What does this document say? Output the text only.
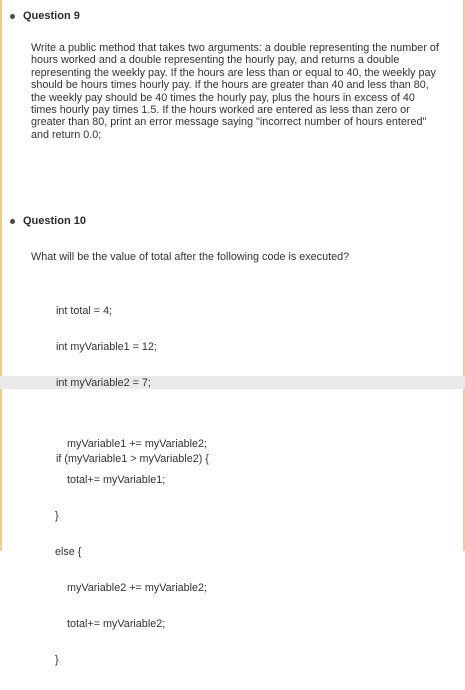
Question 9
Write a public method that takes two arguments: a double representing the number of hours worked and a double representing the hourly pay, and returns a double representing the weekly pay. If the hours are less than or equal to 40, the weekly pay should be hours times hourly pay. If the hours are greater than 40 and less than 80, the weekly pay should be 40 times the hourly pay, plus the hours in excess of 40 times hourly pay times 1.5. If the hours worked are entered as less than zero or greater than 80, print an error message saying "incorrect number of hours entered" and return 0.0;
Question 10
What will be the value of total after the following code is executed?

int total = 4;

int myVariable1 = 12;

int myVariable2 = 7;

if (myVariable1 > myVariable2) {

myVariable1 += myVariable2;

total+= myVariable1;

}

else {

myVariable2 += myVariable2;

total+= myVariable2;

}
